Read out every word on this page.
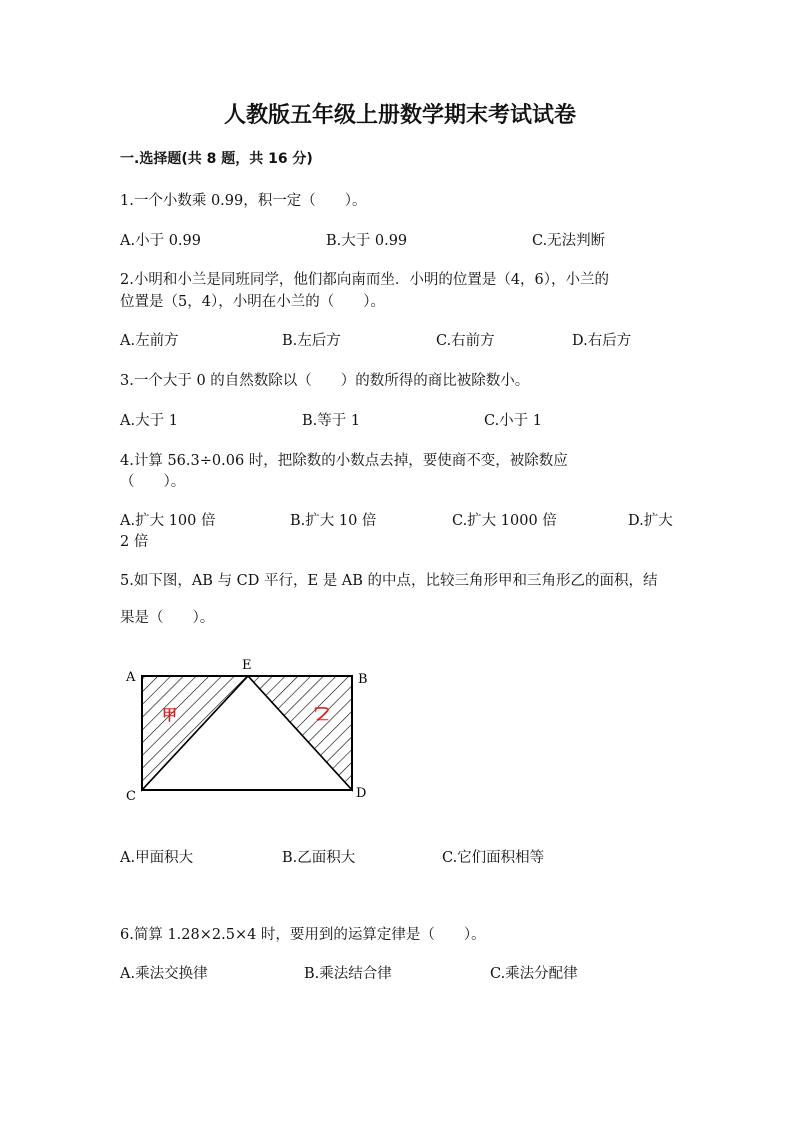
人教版五年级上册数学期末考试试卷
一.选择题(共 8 题，共 16 分)
1.一个小数乘 0.99，积一定（　　）。
A.小于 0.99	B.大于 0.99	C.无法判断
2.小明和小兰是同班同学，他们都向南而坐．小明的位置是（4，6），小兰的
位置是（5，4），小明在小兰的（　　）。
A.左前方	B.左后方	C.右前方	D.右后方
3.一个大于 0 的自然数除以（　　）的数所得的商比被除数小。
A.大于 1	B.等于 1	C.小于 1
4.计算 56.3÷0.06 时，把除数的小数点去掉，要使商不变，被除数应
（　　）。
A.扩大 100 倍	B.扩大 10 倍	C.扩大 1000 倍	D.扩大
2 倍
5.如下图，AB 与 CD 平行，E 是 AB 的中点，比较三角形甲和三角形乙的面积，结
果是（　　）。
A
E
B
C	D
甲	乙
A.甲面积大	B.乙面积大	C.它们面积相等
6.简算 1.28×2.5×4 时，要用到的运算定律是（　　）。
A.乘法交换律	B.乘法结合律	C.乘法分配律
